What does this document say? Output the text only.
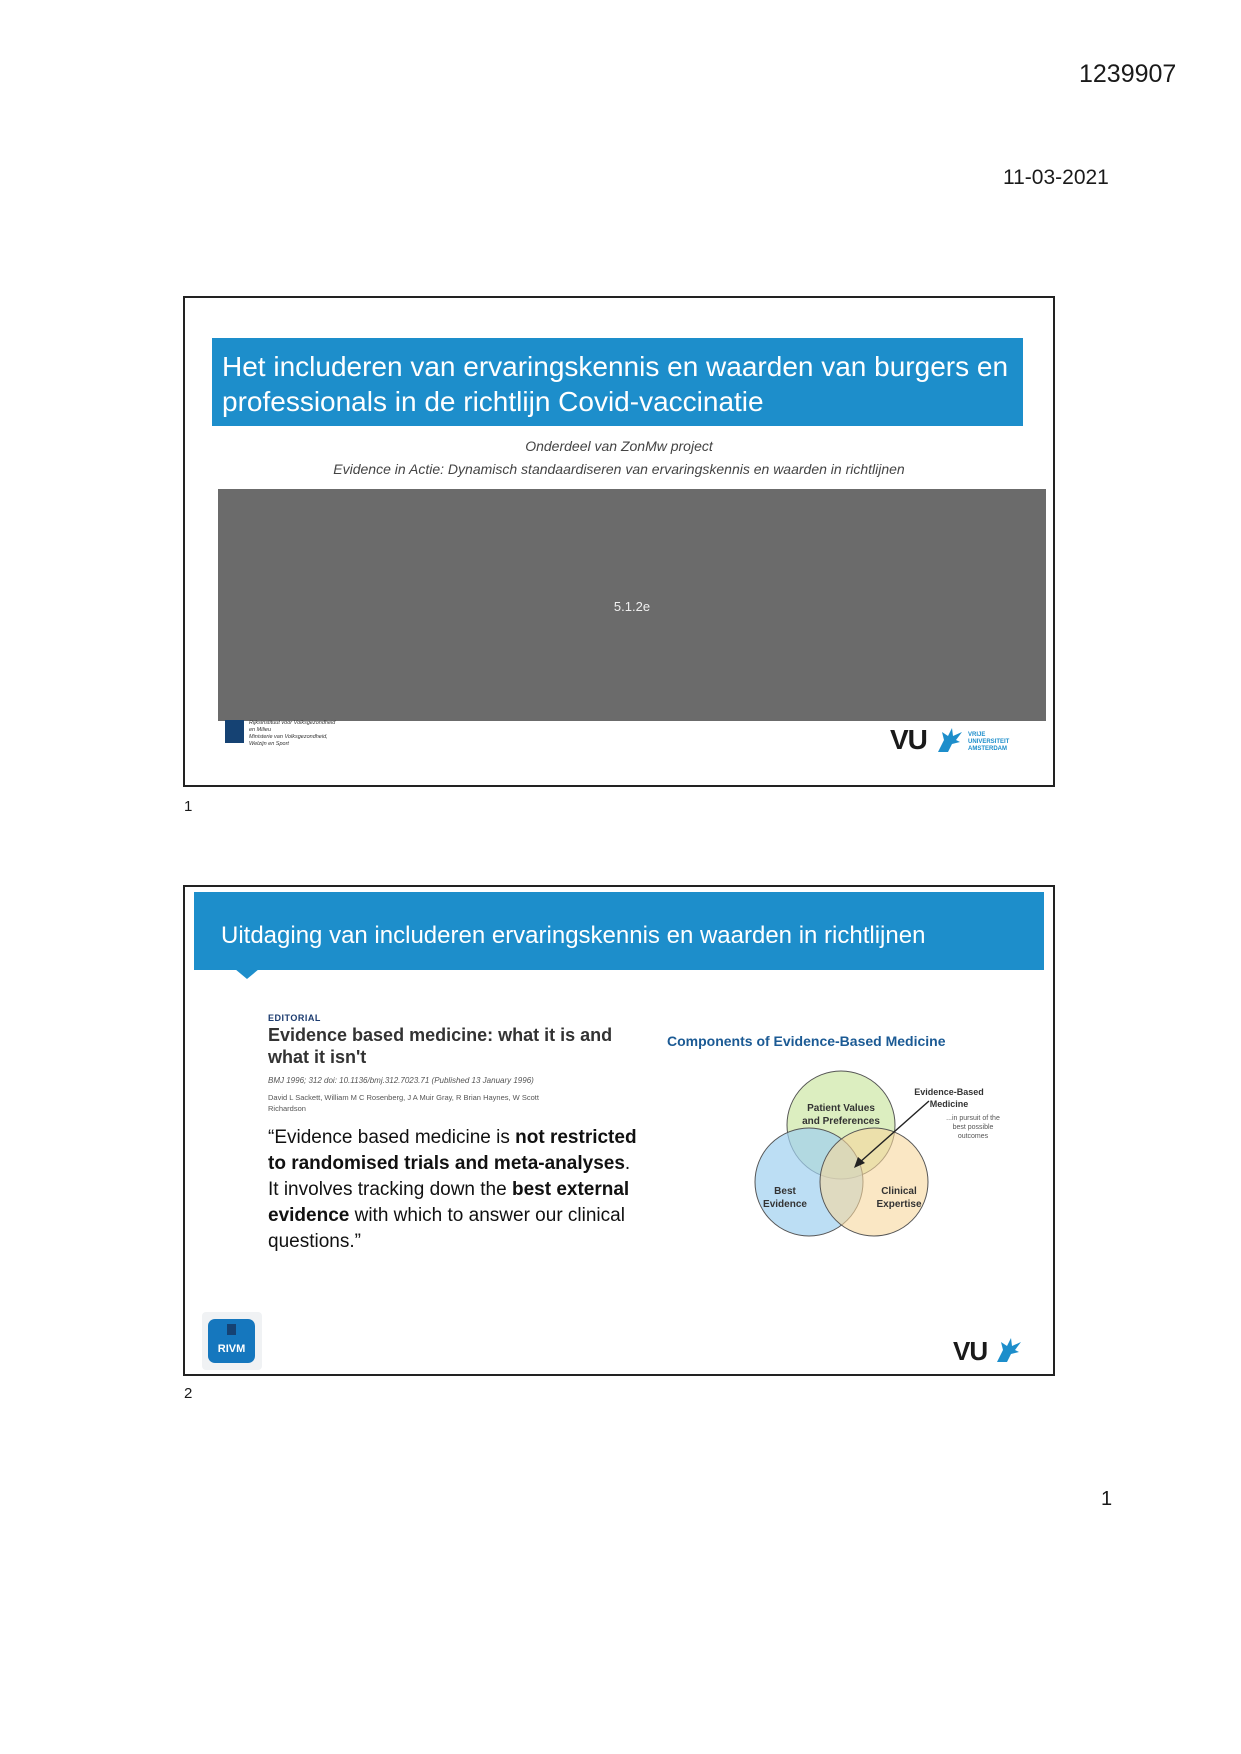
1239907
11-03-2021
Het includeren van ervaringskennis en waarden van burgers en professionals in de richtlijn Covid-vaccinatie
Onderdeel van ZonMw project
Evidence in Actie: Dynamisch standaardiseren van ervaringskennis en waarden in richtlijnen
5.1.2e
Rijksinstituut voor Volksgezondheid
en Milieu
Ministerie van Volksgezondheid,
Welzijn en Sport	VU	VRIJE
UNIVERSITEIT
AMSTERDAM
1
Uitdaging van includeren ervaringskennis en waarden in richtlijnen
EDITORIAL
Evidence based medicine: what it is and what it isn't
BMJ 1996; 312 doi: 10.1136/bmj.312.7023.71 (Published 13 January 1996)
David L Sackett, William M C Rosenberg, J A Muir Gray, R Brian Haynes, W Scott Richardson
“Evidence based medicine is not restricted to randomised trials and meta-analyses. It involves tracking down the best external evidence with which to answer our clinical questions.”
Components of Evidence-Based Medicine
Patient Values
and Preferences
Best
Evidence
Clinical
Expertise
Evidence-Based
Medicine
...in pursuit of the
best possible
outcomes
RIVM	VU
2
1
